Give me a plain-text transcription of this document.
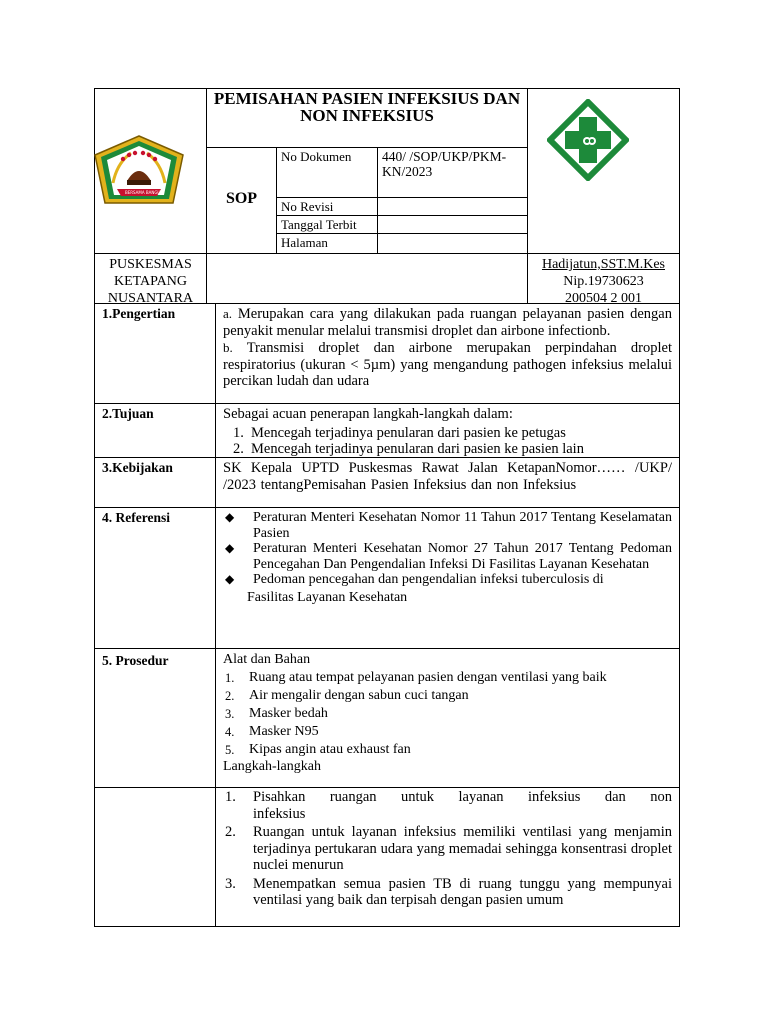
BERSAMA BANGUN
PEMISAHAN PASIEN INFEKSIUS DAN NON INFEKSIUS
SOP
No Dokumen	440/ /SOP/UKP/PKM-KN/2023
No Revisi
Tanggal Terbit
Halaman
PUSKESMAS
KETAPANG
NUSANTARA
Hadijatun,SST.M.Kes
Nip.19730623
200504 2 001
1.Pengertian	a. Merupakan cara yang dilakukan pada ruangan pelayanan pasien dengan penyakit menular melalui transmisi droplet dan airbone infectionb.
b. Transmisi droplet dan airbone merupakan perpindahan droplet respiratorius (ukuran < 5µm) yang mengandung pathogen infeksius melalui percikan ludah dan udara
2.Tujuan	Sebagai acuan penerapan langkah-langkah dalam:
1. Mencegah terjadinya penularan dari pasien ke petugas
2. Mencegah terjadinya penularan dari pasien ke pasien lain
3.Kebijakan	SK Kepala UPTD Puskesmas Rawat Jalan KetapanNomor…… /UKP/ /2023 tentangPemisahan Pasien Infeksius dan non Infeksius
4. Referensi	◆	Peraturan Menteri Kesehatan Nomor 11 Tahun 2017 Tentang Keselamatan Pasien
◆	Peraturan Menteri Kesehatan Nomor 27 Tahun 2017 Tentang Pedoman Pencegahan Dan Pengendalian Infeksi Di Fasilitas Layanan Kesehatan
◆	Pedoman pencegahan dan pengendalian infeksi tuberculosis di
Fasilitas Layanan Kesehatan
5. Prosedur	Alat dan Bahan
1.	Ruang atau tempat pelayanan pasien dengan ventilasi yang baik
2.	Air mengalir dengan sabun cuci tangan
3.	Masker bedah
4.	Masker N95
5.	Kipas angin atau exhaust fan
Langkah-langkah
1.	Pisahkan ruangan untuk layanan infeksius dan non infeksius
2.	Ruangan untuk layanan infeksius memiliki ventilasi yang menjamin terjadinya pertukaran udara yang memadai sehingga konsentrasi droplet nuclei menurun
3.	Menempatkan semua pasien TB di ruang tunggu yang mempunyai ventilasi yang baik dan terpisah dengan pasien umum
